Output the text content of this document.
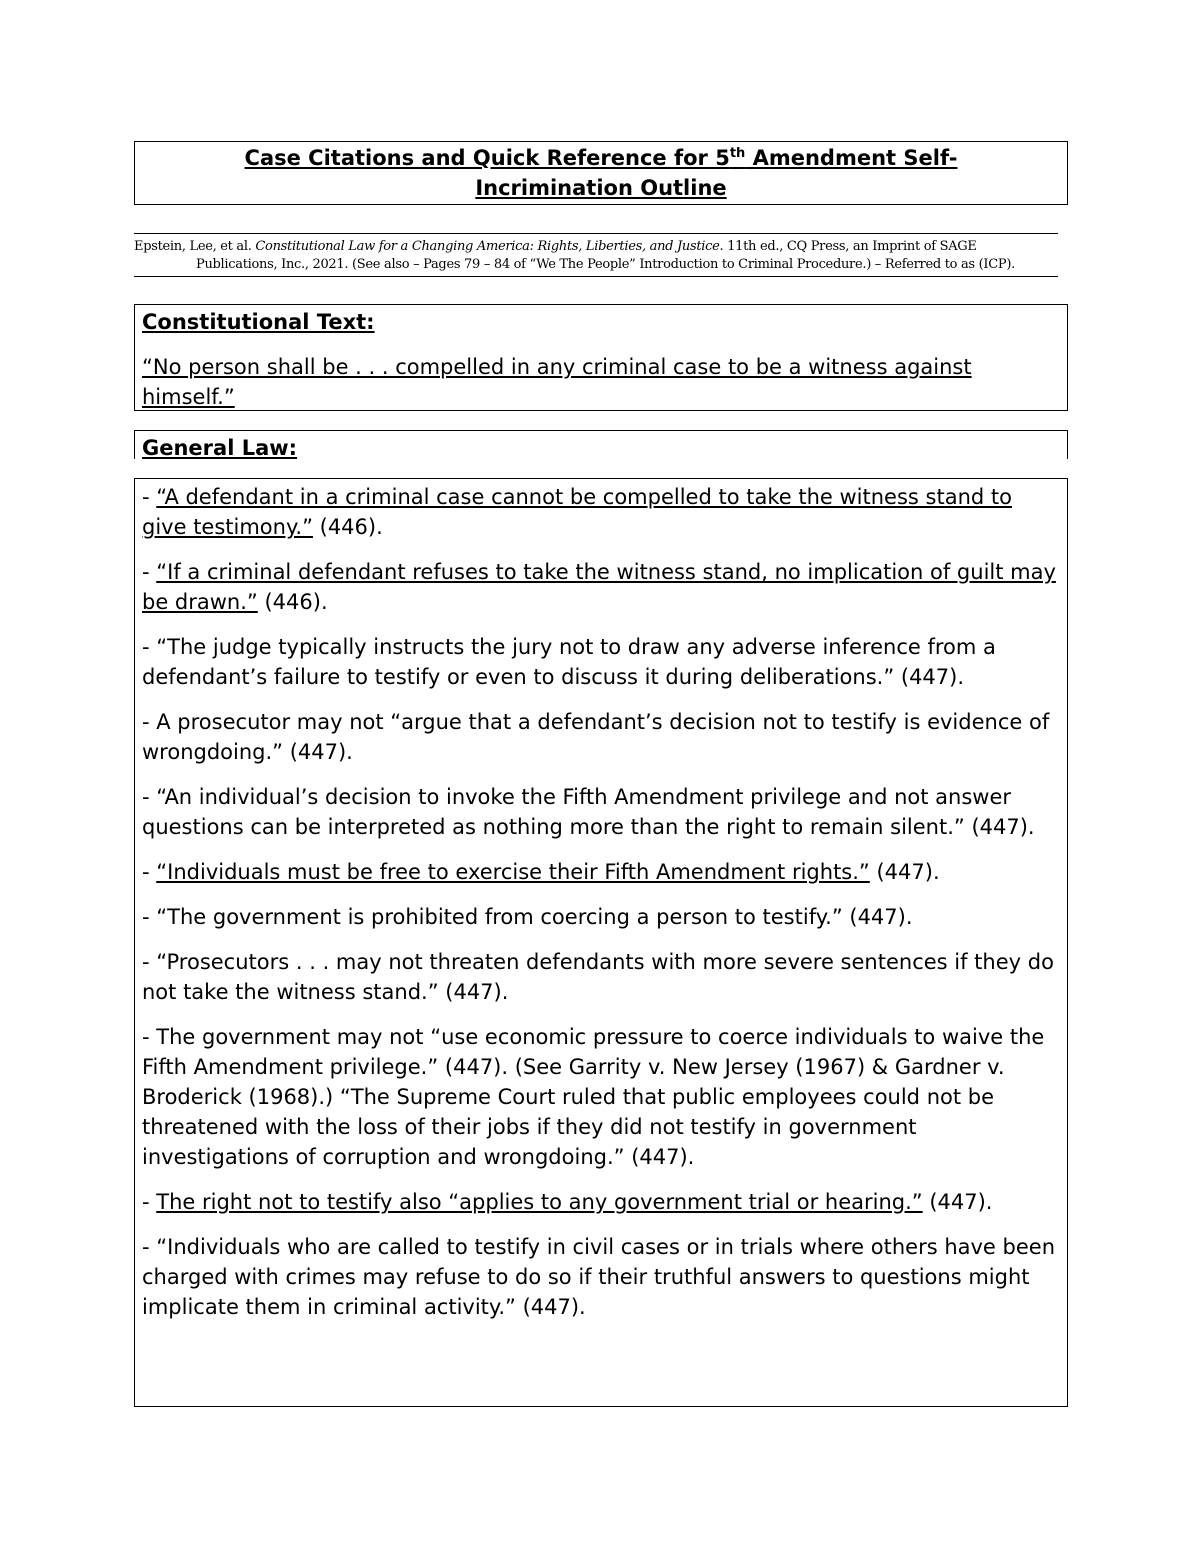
Case Citations and Quick Reference for 5th Amendment Self-
Incrimination Outline
Epstein, Lee, et al. Constitutional Law for a Changing America: Rights, Liberties, and Justice. 11th ed., CQ Press, an Imprint of SAGE
Publications, Inc., 2021. (See also – Pages 79 – 84 of “We The People” Introduction to Criminal Procedure.) – Referred to as (ICP).
Constitutional Text:
“No person shall be . . . compelled in any criminal case to be a witness against himself.”
General Law:
- “A defendant in a criminal case cannot be compelled to take the witness stand to give testimony.” (446).
- “If a criminal defendant refuses to take the witness stand, no implication of guilt may be drawn.” (446).
- “The judge typically instructs the jury not to draw any adverse inference from a defendant’s failure to testify or even to discuss it during deliberations.” (447).
- A prosecutor may not “argue that a defendant’s decision not to testify is evidence of wrongdoing.” (447).
- “An individual’s decision to invoke the Fifth Amendment privilege and not answer questions can be interpreted as nothing more than the right to remain silent.” (447).
- “Individuals must be free to exercise their Fifth Amendment rights.” (447).
- “The government is prohibited from coercing a person to testify.” (447).
- “Prosecutors . . . may not threaten defendants with more severe sentences if they do not take the witness stand.” (447).
- The government may not “use economic pressure to coerce individuals to waive the Fifth Amendment privilege.” (447). (See Garrity v. New Jersey (1967) & Gardner v. Broderick (1968).) “The Supreme Court ruled that public employees could not be threatened with the loss of their jobs if they did not testify in government investigations of corruption and wrongdoing.” (447).
- The right not to testify also “applies to any government trial or hearing.” (447).
- “Individuals who are called to testify in civil cases or in trials where others have been charged with crimes may refuse to do so if their truthful answers to questions might implicate them in criminal activity.” (447).
